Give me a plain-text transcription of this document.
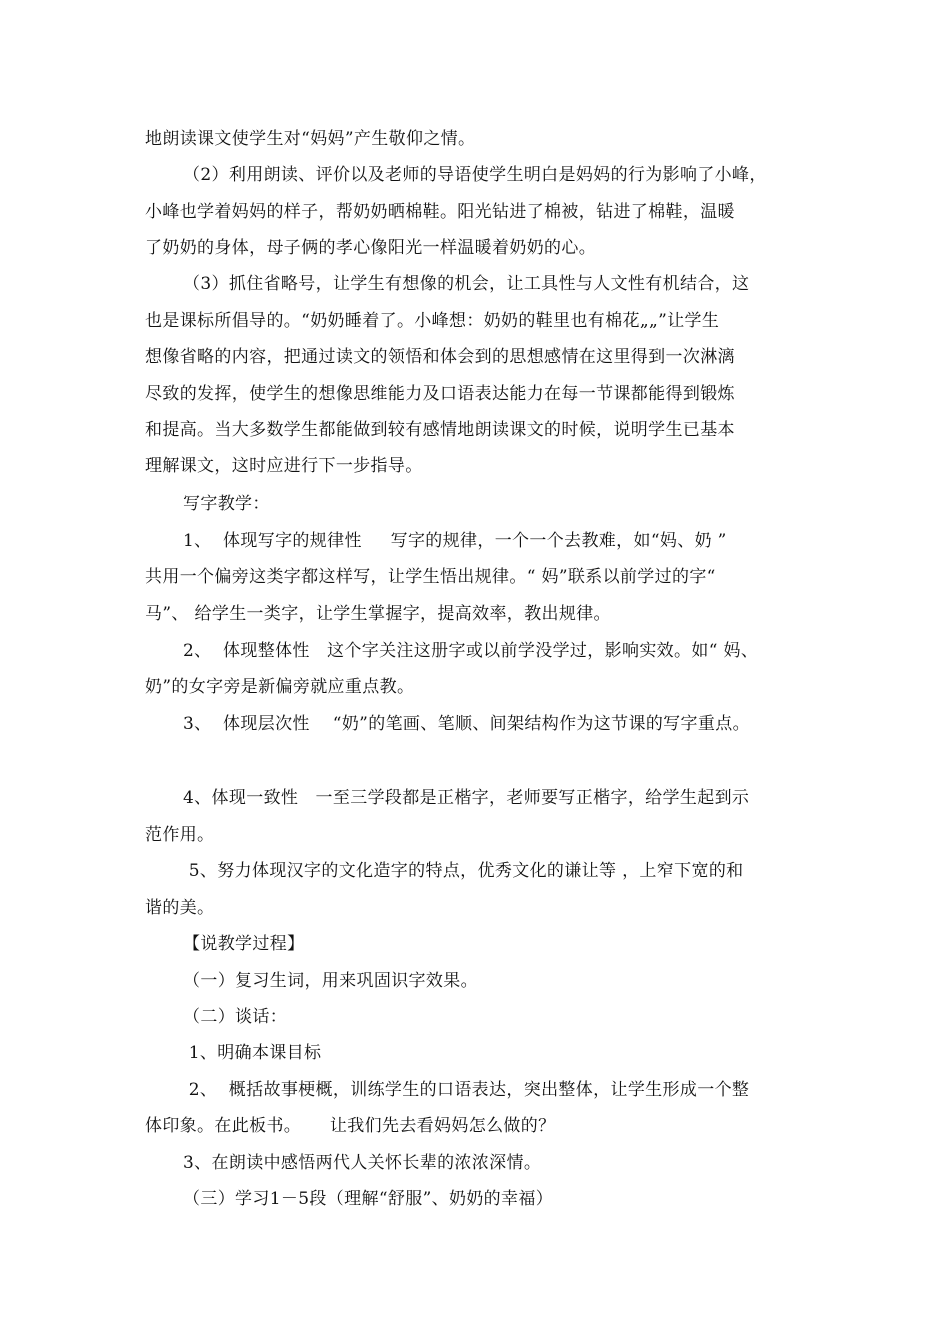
地朗读课文使学生对“妈妈”产生敬仰之情。
（2）利用朗读、评价以及老师的导语使学生明白是妈妈的行为影响了小峰，
小峰也学着妈妈的样子，帮奶奶晒棉鞋。阳光钻进了棉被，钻进了棉鞋，温暖
了奶奶的身体，母子俩的孝心像阳光一样温暖着奶奶的心。
（3）抓住省略号，让学生有想像的机会，让工具性与人文性有机结合，这
也是课标所倡导的。“奶奶睡着了。小峰想：奶奶的鞋里也有棉花„„”让学生
想像省略的内容，把通过读文的领悟和体会到的思想感情在这里得到一次淋漓
尽致的发挥，使学生的想像思维能力及口语表达能力在每一节课都能得到锻炼
和提高。当大多数学生都能做到较有感情地朗读课文的时候，说明学生已基本
理解课文，这时应进行下一步指导。
写字教学：
1、  体现写字的规律性     写字的规律，一个一个去教难，如“妈、奶 ”
共用一个偏旁这类字都这样写，让学生悟出规律。“ 妈”联系以前学过的字“
马”、 给学生一类字，让学生掌握字，提高效率，教出规律。
2、  体现整体性   这个字关注这册字或以前学没学过，影响实效。如“ 妈、
奶”的女字旁是新偏旁就应重点教。
3、  体现层次性    “奶”的笔画、笔顺、间架结构作为这节课的写字重点。
4、体现一致性   一至三学段都是正楷字，老师要写正楷字，给学生起到示
范作用。
5、努力体现汉字的文化造字的特点，优秀文化的谦让等 ，上窄下宽的和
谐的美。
【说教学过程】
（一）复习生词，用来巩固识字效果。
（二）谈话：
1、明确本课目标
2、  概括故事梗概，训练学生的口语表达，突出整体，让学生形成一个整
体印象。在此板书。     让我们先去看妈妈怎么做的？
3、在朗读中感悟两代人关怀长辈的浓浓深情。
（三）学习1－5段（理解“舒服”、奶奶的幸福）
